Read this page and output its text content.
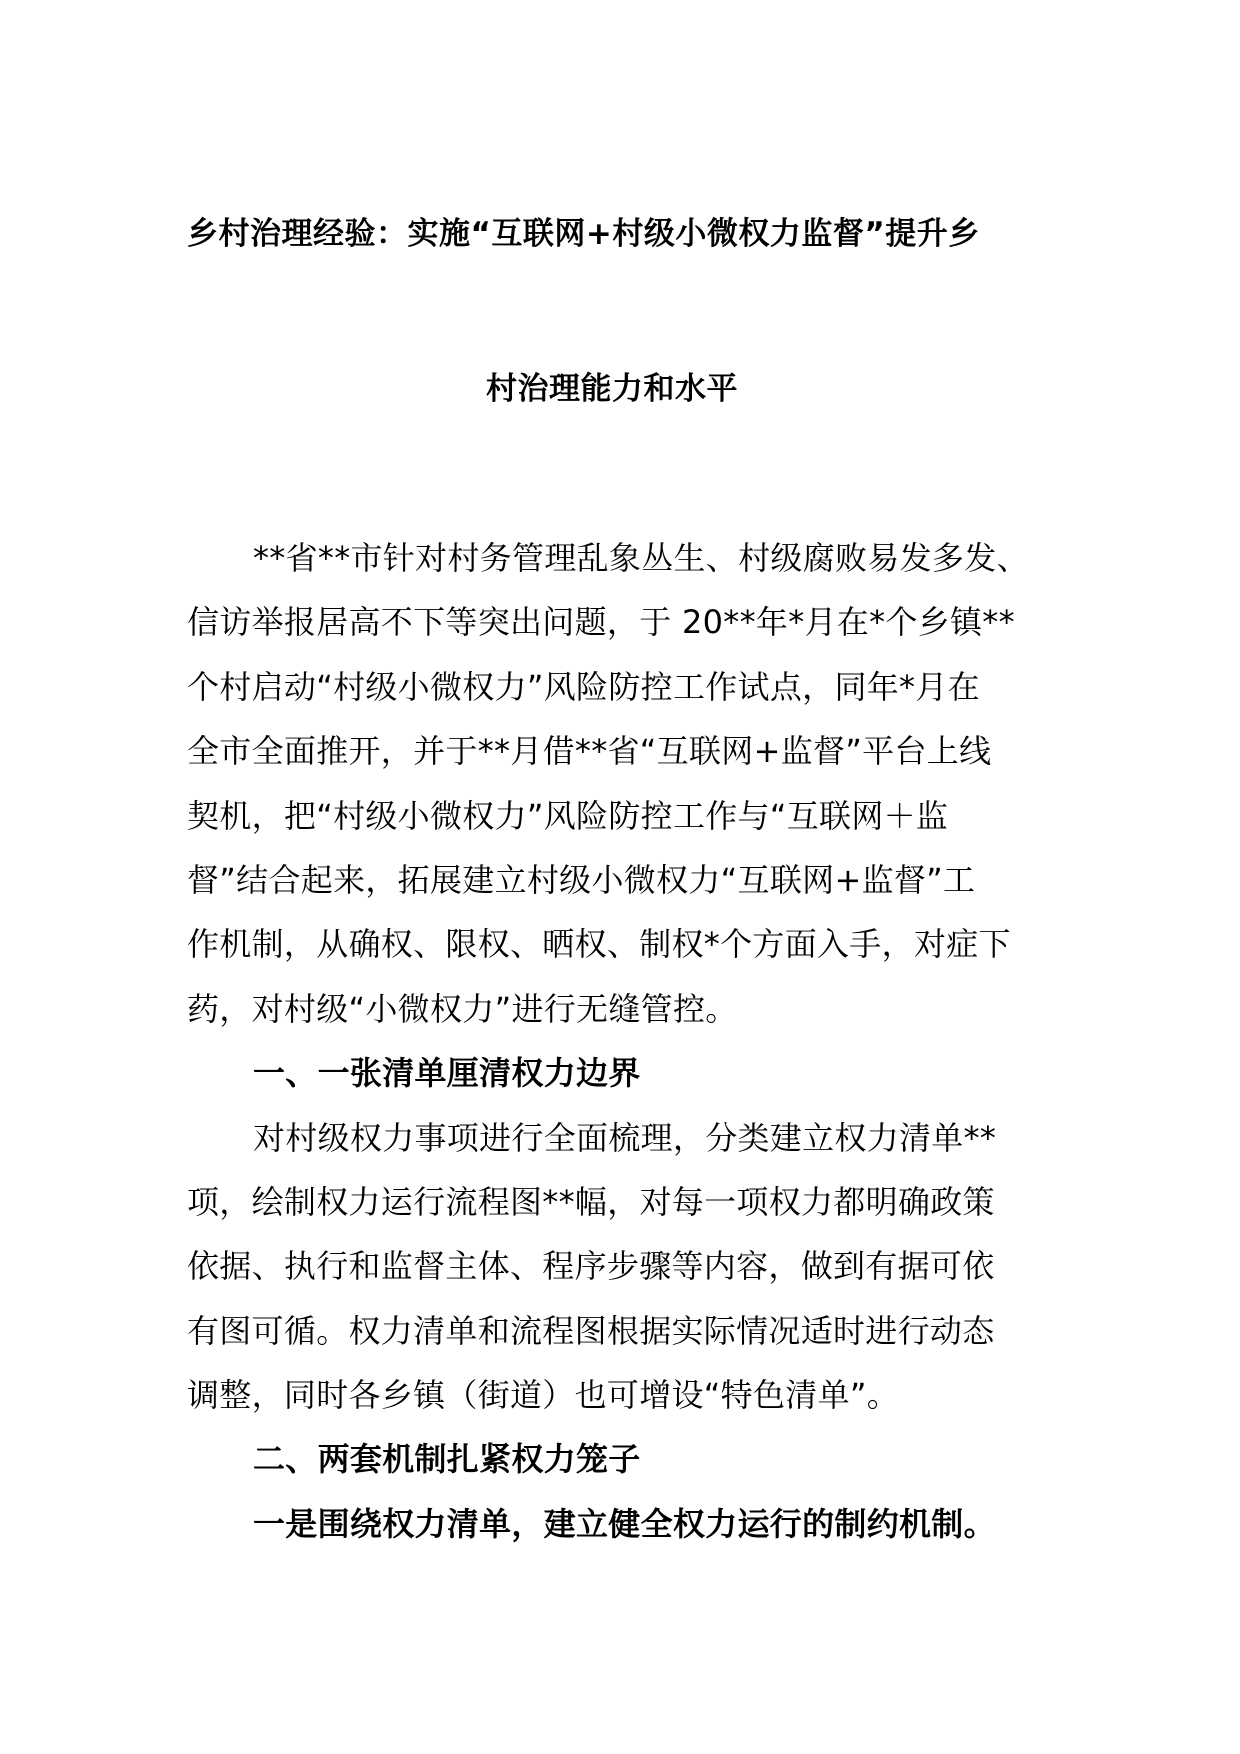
乡村治理经验：实施“互联网+村级小微权力监督”提升乡
村治理能力和水平
**省**市针对村务管理乱象丛生、村级腐败易发多发、
信访举报居高不下等突出问题，于 20**年*月在*个乡镇**
个村启动“村级小微权力”风险防控工作试点，同年*月在
全市全面推开，并于**月借**省“互联网+监督”平台上线
契机，把“村级小微权力”风险防控工作与“互联网＋监
督”结合起来，拓展建立村级小微权力“互联网+监督”工
作机制，从确权、限权、晒权、制权*个方面入手，对症下
药，对村级“小微权力”进行无缝管控。
一、一张清单厘清权力边界
对村级权力事项进行全面梳理，分类建立权力清单**
项，绘制权力运行流程图**幅，对每一项权力都明确政策
依据、执行和监督主体、程序步骤等内容，做到有据可依
有图可循。权力清单和流程图根据实际情况适时进行动态
调整，同时各乡镇（街道）也可增设“特色清单”。
二、两套机制扎紧权力笼子
一是围绕权力清单，建立健全权力运行的制约机制。
